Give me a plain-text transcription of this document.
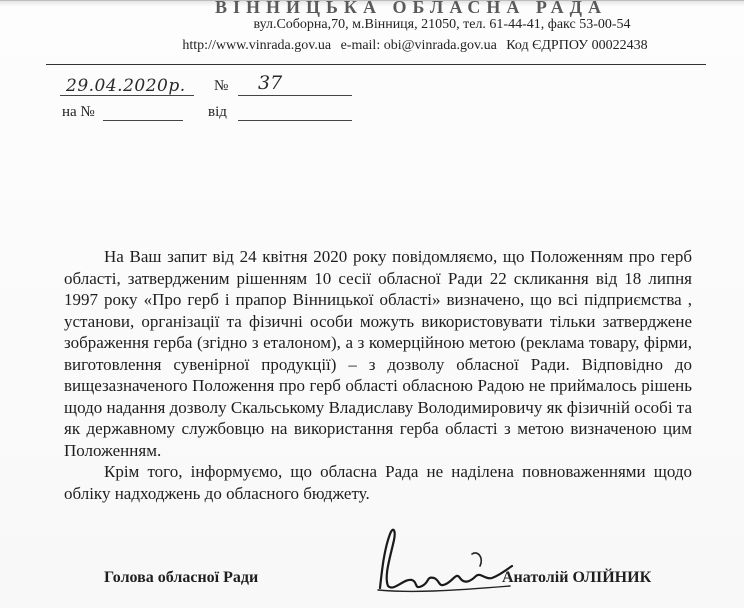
ВІННИЦЬКА ОБЛАСНА РАДА
вул.Соборна,70, м.Вінниця, 21050, тел. 61-44-41, факс 53-00-54
http://www.vinrada.gov.ua e-mail: obi@vinrada.gov.ua Код ЄДРПОУ 00022438
29.04.2020р. № 37
на №	від

На Ваш запит від 24 квітня 2020 року повідомляємо, що Положенням про герб області, затвердженим рішенням 10 сесії обласної Ради 22 скликання від 18 липня 1997 року «Про герб і прапор Вінницької області» визначено, що всі підприємства , установи, організації та фізичні особи можуть використовувати тільки затверджене зображення герба (згідно з еталоном), а з комерційною метою (реклама товару, фірми, виготовлення сувенірної продукції) – з дозволу обласної Ради. Відповідно до вищезазначеного Положення про герб області обласною Радою не приймалось рішень щодо надання дозволу Скальському Владиславу Володимировичу як фізичній особі та як державному службовцю на використання герба області з метою визначеною цим Положенням.

Крім того, інформуємо, що обласна Рада не наділена повноваженнями щодо обліку надходжень до обласного бюджету.

Голова обласної Ради	Анатолій ОЛІЙНИК
